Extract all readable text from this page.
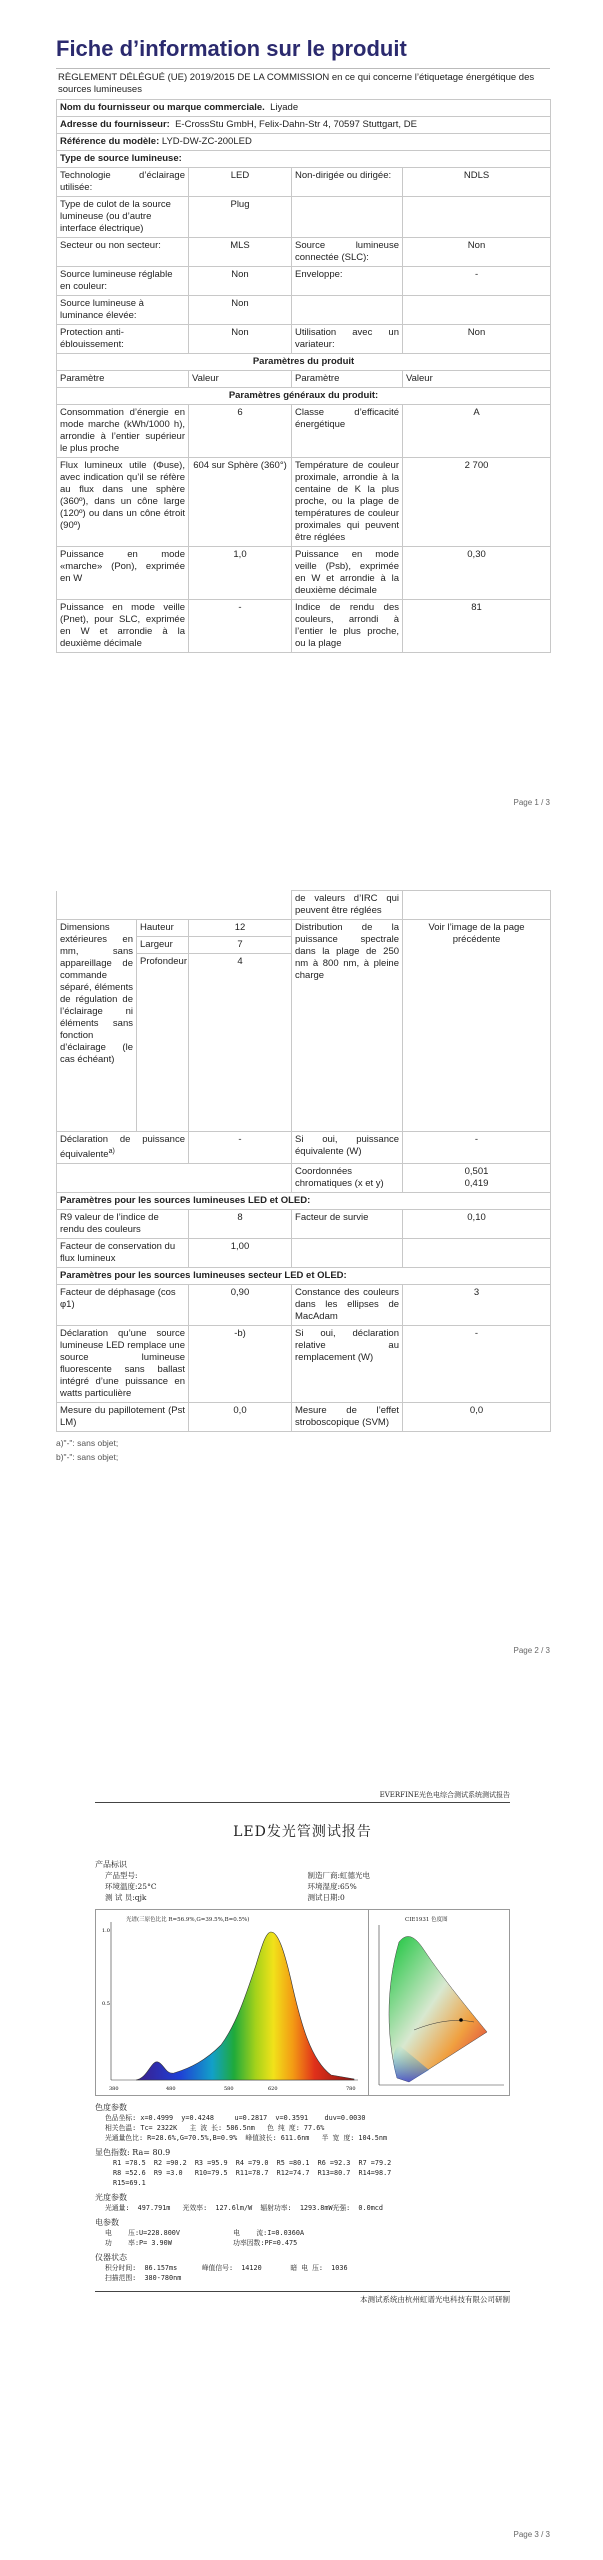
Fiche d’information sur le produit
RÈGLEMENT DÉLÉGUÉ (UE) 2019/2015 DE LA COMMISSION en ce qui concerne l’étiquetage énergétique des sources lumineuses
Nom du fournisseur ou marque commerciale. Liyade			
Adresse du fournisseur: E-CrossStu GmbH, Felix-Dahn-Str 4, 70597 Stuttgart, DE			
Référence du modèle: LYD-DW-ZC-200LED			
Type de source lumineuse:			
Technologie d’éclairage utilisée:	LED	Non-dirigée ou dirigée:	NDLS
Type de culot de la source lumineuse (ou d’autre interface électrique)	Plug		
Secteur ou non secteur:	MLS	Source lumineuse connectée (SLC):	Non
Source lumineuse réglable en couleur:	Non	Enveloppe:	-
Source lumineuse à luminance élevée:	Non		
Protection anti-éblouissement:	Non	Utilisation avec un variateur:	Non
Paramètres du produit			
Paramètre	Valeur	Paramètre	Valeur
Paramètres généraux du produit:			
Consommation d’énergie en mode marche (kWh/1000 h), arrondie à l’entier supérieur le plus proche	6	Classe d’efficacité énergétique	A
Flux lumineux utile (Φuse), avec indication qu’il se réfère au flux dans une sphère (360º), dans un cône large (120º) ou dans un cône étroit (90º)	604 sur Sphère (360°)	Température de couleur proximale, arrondie à la centaine de K la plus proche, ou la plage de températures de couleur proximales qui peuvent être réglées	2 700
Puissance en mode «marche» (Pon), exprimée en W	1,0	Puissance en mode veille (Psb), exprimée en W et arrondie à la deuxième décimale	0,30
Puissance en mode veille (Pnet), pour SLC, exprimée en W et arrondie à la deuxième décimale	-	Indice de rendu des couleurs, arrondi à l’entier le plus proche, ou la plage	81
Page 1 / 3
			de valeurs d’IRC qui peuvent être réglées	
Dimensions extérieures en mm, sans appareillage de commande séparé, éléments de régulation de l’éclairage ni éléments sans fonction d’éclairage (le cas échéant)	Hauteur	12	Distribution de la puissance spectrale dans la plage de 250 nm à 800 nm, à pleine charge	Voir l’image de la page précédente
	Largeur	7		
	Profondeur	4		
Déclaration de puissance équivalente$^{a)}$		-	Si oui, puissance équivalente (W)	-
			Coordonnées chromatiques (x et y)	0,501
0,419

Paramètres pour les sources lumineuses LED et OLED:				
R9 valeur de l’indice de rendu des couleurs		8	Facteur de survie	0,10
Facteur de conservation du flux lumineux		1,00		
Paramètres pour les sources lumineuses secteur LED et OLED:				
Facteur de déphasage (cos φ1)		0,90	Constance des couleurs dans les ellipses de MacAdam	3
Déclaration qu’une source lumineuse LED remplace une source lumineuse fluorescente sans ballast intégré d’une puissance en watts particulière		-b)	Si oui, déclaration relative au remplacement (W)	-
Mesure du papillotement (Pst LM)		0,0	Mesure de l’effet stroboscopique (SVM)	0,0
a)"-": sans objet;
b)"-": sans objet;
Page 2 / 3
EVERFINE光色电综合测试系统测试报告
LED发光管测试报告
产品标识
产品型号:
环境温度:25°C
测 试 员:qjk
制造厂商:虹德光电
环境湿度:65%
测试日期:0
光谱(三原色比比 R=56.9%,G=39.5%,B=0.5%)
1.0
0.5
380	480	580	620	780
CIE1931 色度图
色度参数
色品坐标: x=0.4999  y=0.4248     u=0.2817  v=0.3591    duv=0.0030
相关色温: Tc= 2322K   主 波 长: 586.5nm   色 纯 度: 77.6%
光通量色比: R=28.6%,G=70.5%,B=0.9%  峰值波长: 611.6nm   半 宽 度: 104.5nm
显色指数: Ra= 80.9
R1 =78.5  R2 =90.2  R3 =95.9  R4 =79.0  R5 =80.1  R6 =92.3  R7 =79.2
R8 =52.6  R9 =3.0   R10=79.5  R11=78.7  R12=74.7  R13=80.7  R14=98.7
R15=69.1
光度参数
光通量:  497.791m   光效率:  127.6lm/W  辐射功率:  1293.8mW光强:  0.0mcd
电参数
电    压:U=228.800V             电    流:I=0.0360A
功    率:P= 3.90W               功率因数:PF=0.475
仪器状态
积分时间:  86.157ms      峰值信号:  14120       暗 电 压:  1036
扫描范围:  380-780nm
本测试系统由杭州虹谱光电科技有限公司研制
Page 3 / 3
